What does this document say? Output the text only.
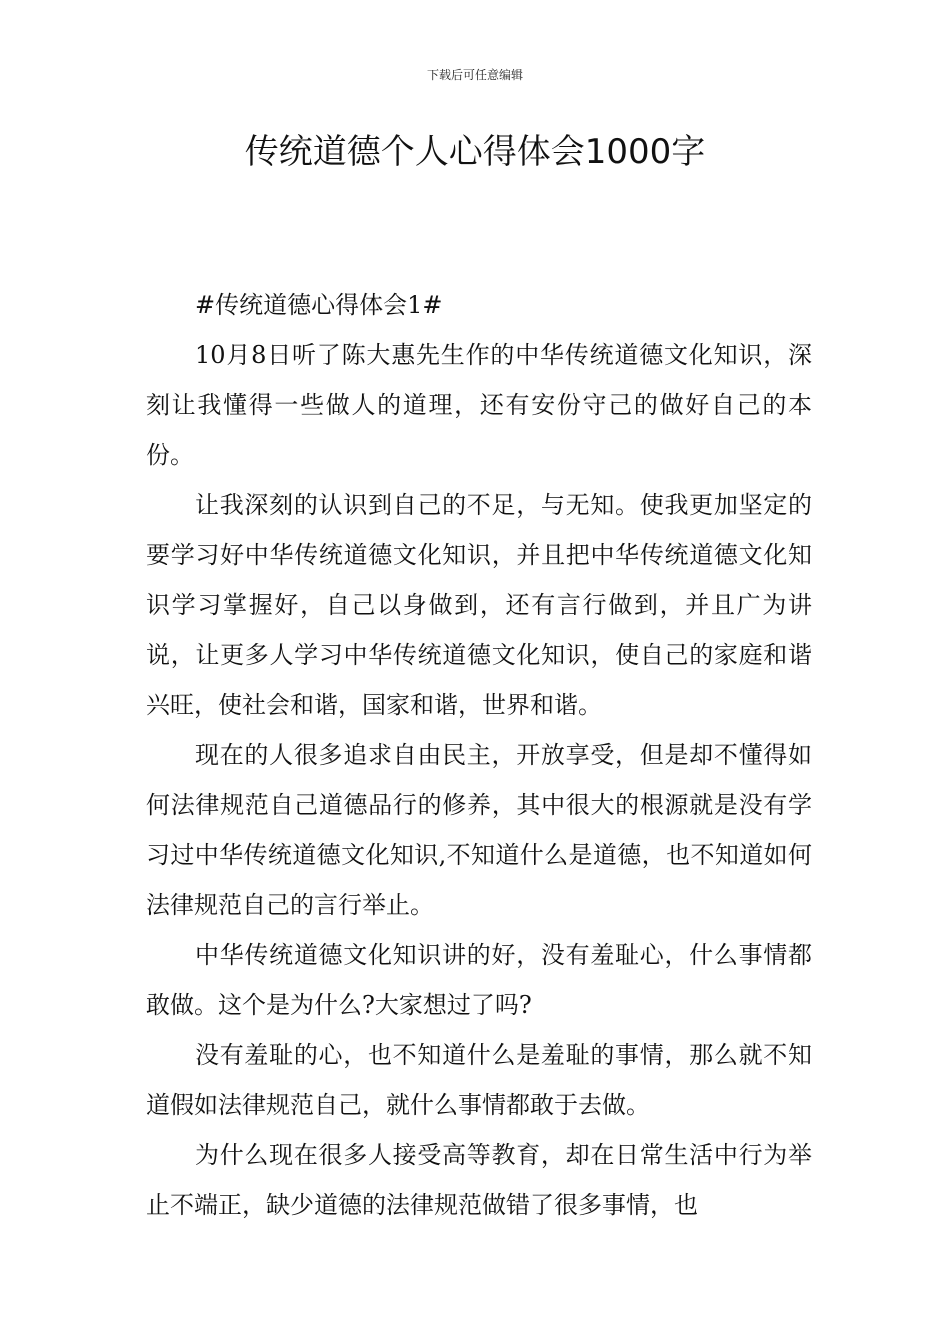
下载后可任意编辑
传统道德个人心得体会1000字

#传统道德心得体会1#

10月8日听了陈大惠先生作的中华传统道德文化知识，深刻让我懂得一些做人的道理，还有安份守己的做好自己的本份。

让我深刻的认识到自己的不足，与无知。使我更加坚定的要学习好中华传统道德文化知识，并且把中华传统道德文化知识学习掌握好，自己以身做到，还有言行做到，并且广为讲说，让更多人学习中华传统道德文化知识，使自己的家庭和谐兴旺，使社会和谐，国家和谐，世界和谐。

现在的人很多追求自由民主，开放享受，但是却不懂得如何法律规范自己道德品行的修养，其中很大的根源就是没有学习过中华传统道德文化知识,不知道什么是道德，也不知道如何法律规范自己的言行举止。

中华传统道德文化知识讲的好，没有羞耻心，什么事情都敢做。这个是为什么?大家想过了吗?

没有羞耻的心，也不知道什么是羞耻的事情，那么就不知道假如法律规范自己，就什么事情都敢于去做。

为什么现在很多人接受高等教育，却在日常生活中行为举止不端正，缺少道德的法律规范做错了很多事情，也
